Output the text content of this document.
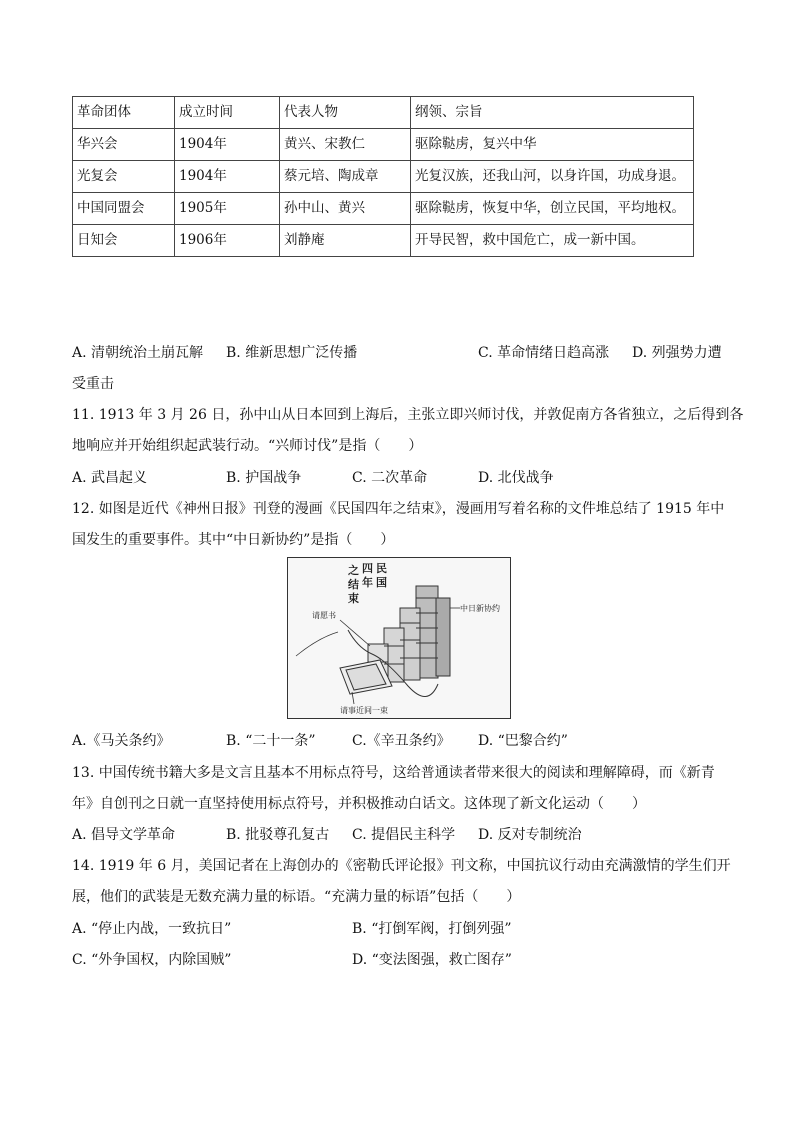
革命团体	成立时间	代表人物	纲领、宗旨
华兴会	1904年	黄兴、宋教仁	驱除鞑虏，复兴中华
光复会	1904年	蔡元培、陶成章	光复汉族，还我山河，以身许国，功成身退。
中国同盟会	1905年	孙中山、黄兴	驱除鞑虏，恢复中华，创立民国，平均地权。
日知会	1906年	刘静庵	开导民智，救中国危亡，成一新中国。
A. 清朝统治土崩瓦解 B. 维新思想广泛传播	C. 革命情绪日趋高涨 D. 列强势力遭
受重击
11. 1913 年 3 月 26 日，孙中山从日本回到上海后，主张立即兴师讨伐，并敦促南方各省独立，之后得到各
地响应并开始组织起武装行动。“兴师讨伐”是指（　　）
A. 武昌起义	B. 护国战争	C. 二次革命	D. 北伐战争
12. 如图是近代《神州日报》刊登的漫画《民国四年之结束》，漫画用写着名称的文件堆总结了 1915 年中
国发生的重要事件。其中“中日新协约”是指（　　）
之 四 民
结 年 国
束
请愿书
中日新协约
请事近间一束
A.《马关条约》	B. “二十一条”	C.《辛丑条约》 D. “巴黎合约”
13. 中国传统书籍大多是文言且基本不用标点符号，这给普通读者带来很大的阅读和理解障碍，而《新青
年》自创刊之日就一直坚持使用标点符号，并积极推动白话文。这体现了新文化运动（　　）
A. 倡导文学革命	B. 批驳尊孔复古 C. 提倡民主科学 D. 反对专制统治
14. 1919 年 6 月，美国记者在上海创办的《密勒氏评论报》刊文称，中国抗议行动由充满激情的学生们开
展，他们的武装是无数充满力量的标语。“充满力量的标语”包括（　　）
A. “停止内战，一致抗日”	B. “打倒军阀，打倒列强”
C. “外争国权，内除国贼”	D. “变法图强，救亡图存”
